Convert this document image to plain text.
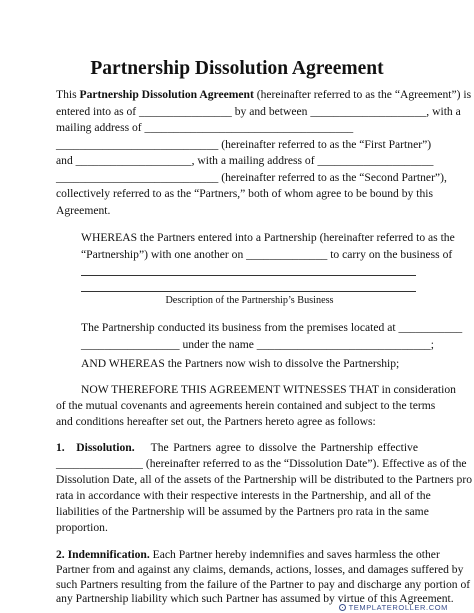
Partnership Dissolution Agreement
This Partnership Dissolution Agreement (hereinafter referred to as the “Agreement”) is
entered into as of ________________ by and between ____________________, with a
mailing address of ____________________________________
____________________________ (hereinafter referred to as the “First Partner”)
and ____________________, with a mailing address of ____________________
____________________________ (hereinafter referred to as the “Second Partner”),
collectively referred to as the “Partners,” both of whom agree to be bound by this
Agreement.
WHEREAS the Partners entered into a Partnership (hereinafter referred to as the
“Partnership”) with one another on ______________ to carry on the business of
Description of the Partnership’s Business
The Partnership conducted its business from the premises located at ___________
_________________ under the name ______________________________;
AND WHEREAS the Partners now wish to dissolve the Partnership;
NOW THEREFORE THIS AGREEMENT WITNESSES THAT in consideration
of the mutual covenants and agreements herein contained and subject to the terms
and conditions hereafter set out, the Partners hereto agree as follows:
1. Dissolution. The Partners agree to dissolve the Partnership effective
_______________ (hereinafter referred to as the “Dissolution Date”). Effective as of the
Dissolution Date, all of the assets of the Partnership will be distributed to the Partners pro
rata in accordance with their respective interests in the Partnership, and all of the
liabilities of the Partnership will be assumed by the Partners pro rata in the same
proportion.
2. Indemnification. Each Partner hereby indemnifies and saves harmless the other
Partner from and against any claims, demands, actions, losses, and damages suffered by
TEMPLATEROLLER.COM
such Partners resulting from the failure of the Partner to pay and discharge any portion of
any Partnership liability which such Partner has assumed by virtue of this Agreement.
